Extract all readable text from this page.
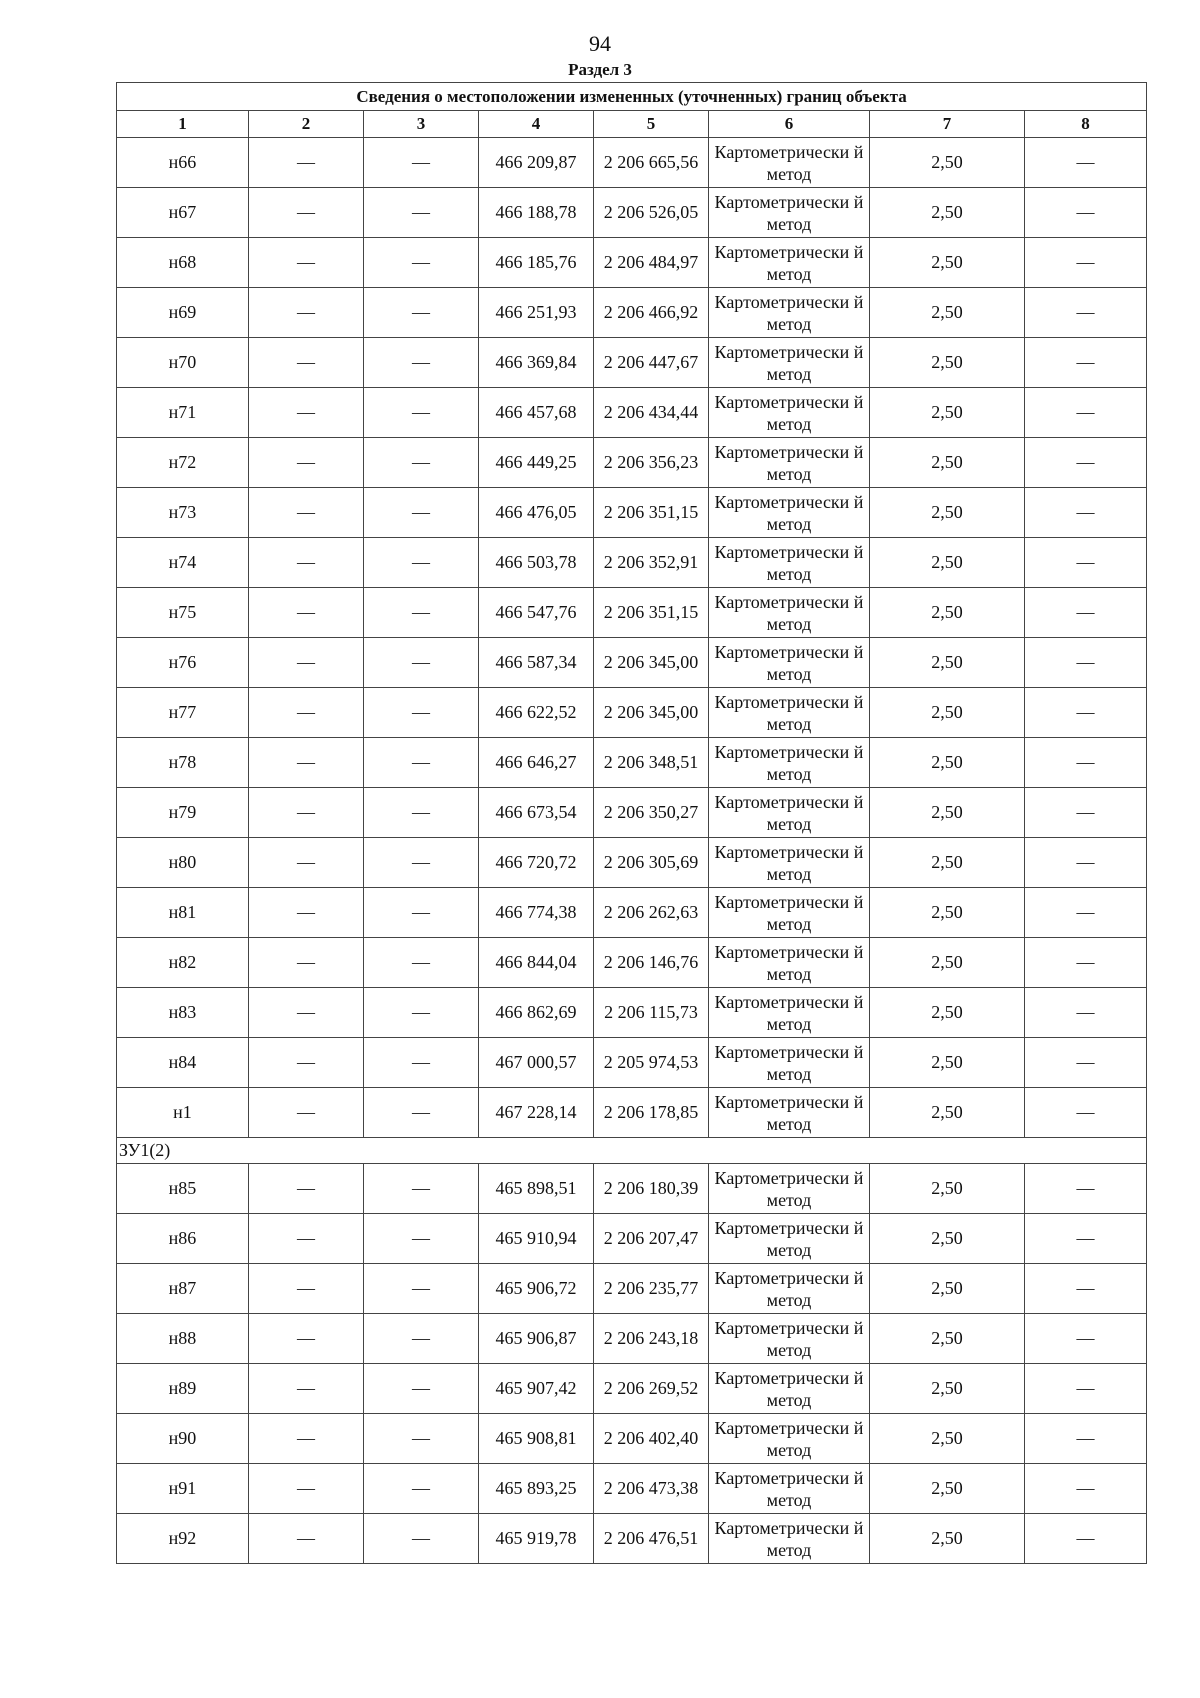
94
Раздел 3
Сведения о местоположении измененных (уточненных) границ объекта							
1	2	3	4	5	6	7	8
н66	—	—	466 209,87	2 206 665,56	Картометрически й метод	2,50	—
н67	—	—	466 188,78	2 206 526,05	Картометрически й метод	2,50	—
н68	—	—	466 185,76	2 206 484,97	Картометрически й метод	2,50	—
н69	—	—	466 251,93	2 206 466,92	Картометрически й метод	2,50	—
н70	—	—	466 369,84	2 206 447,67	Картометрически й метод	2,50	—
н71	—	—	466 457,68	2 206 434,44	Картометрически й метод	2,50	—
н72	—	—	466 449,25	2 206 356,23	Картометрически й метод	2,50	—
н73	—	—	466 476,05	2 206 351,15	Картометрически й метод	2,50	—
н74	—	—	466 503,78	2 206 352,91	Картометрически й метод	2,50	—
н75	—	—	466 547,76	2 206 351,15	Картометрически й метод	2,50	—
н76	—	—	466 587,34	2 206 345,00	Картометрически й метод	2,50	—
н77	—	—	466 622,52	2 206 345,00	Картометрически й метод	2,50	—
н78	—	—	466 646,27	2 206 348,51	Картометрически й метод	2,50	—
н79	—	—	466 673,54	2 206 350,27	Картометрически й метод	2,50	—
н80	—	—	466 720,72	2 206 305,69	Картометрически й метод	2,50	—
н81	—	—	466 774,38	2 206 262,63	Картометрически й метод	2,50	—
н82	—	—	466 844,04	2 206 146,76	Картометрически й метод	2,50	—
н83	—	—	466 862,69	2 206 115,73	Картометрически й метод	2,50	—
н84	—	—	467 000,57	2 205 974,53	Картометрически й метод	2,50	—
н1	—	—	467 228,14	2 206 178,85	Картометрически й метод	2,50	—
ЗУ1(2)							
н85	—	—	465 898,51	2 206 180,39	Картометрически й метод	2,50	—
н86	—	—	465 910,94	2 206 207,47	Картометрически й метод	2,50	—
н87	—	—	465 906,72	2 206 235,77	Картометрически й метод	2,50	—
н88	—	—	465 906,87	2 206 243,18	Картометрически й метод	2,50	—
н89	—	—	465 907,42	2 206 269,52	Картометрически й метод	2,50	—
н90	—	—	465 908,81	2 206 402,40	Картометрически й метод	2,50	—
н91	—	—	465 893,25	2 206 473,38	Картометрически й метод	2,50	—
н92	—	—	465 919,78	2 206 476,51	Картометрически й метод	2,50	—
